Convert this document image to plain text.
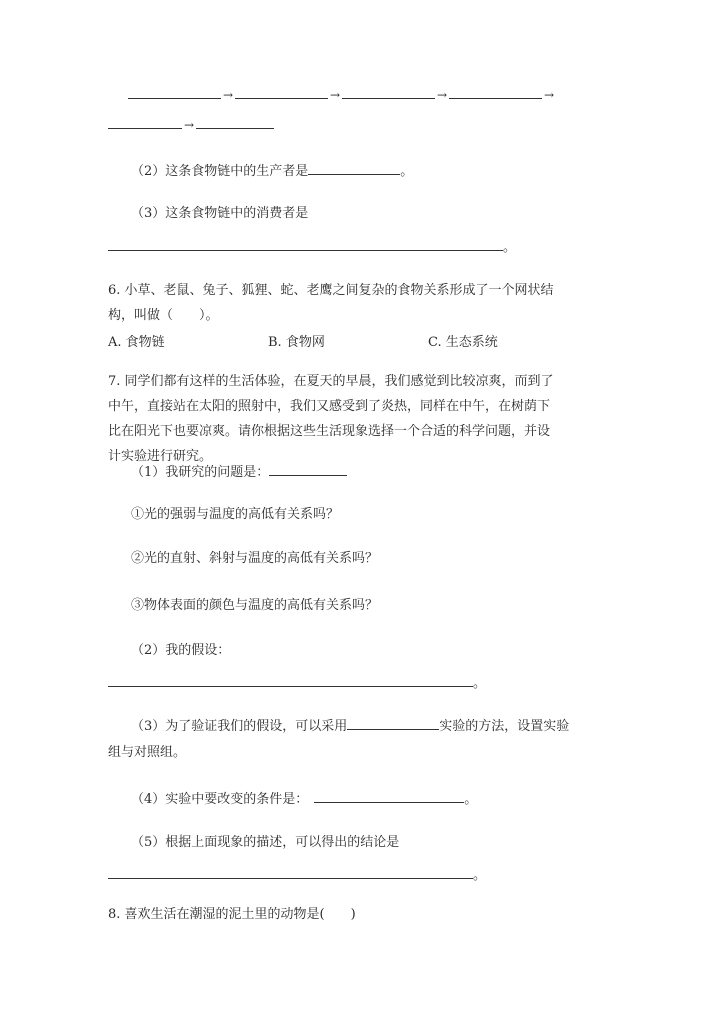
→	→	→	→
→
（2）这条食物链中的生产者是	。
（3）这条食物链中的消费者是
。

6. 小草、老鼠、兔子、狐狸、蛇、老鹰之间复杂的食物关系形成了一个网状结

构，叫做（　　）。

A. 食物链	B. 食物网	C. 生态系统

7. 同学们都有这样的生活体验，在夏天的早晨，我们感觉到比较凉爽，而到了

中午，直接站在太阳的照射中，我们又感受到了炎热，同样在中午，在树荫下

比在阳光下也要凉爽。请你根据这些生活现象选择一个合适的科学问题，并设

计实验进行研究。

（1）我研究的问题是：
①光的强弱与温度的高低有关系吗？
②光的直射、斜射与温度的高低有关系吗？
③物体表面的颜色与温度的高低有关系吗？
（2）我的假设：
。
（3）为了验证我们的假设，可以采用	实验的方法，设置实验
组与对照组。
（4）实验中要改变的条件是：	。
（5）根据上面现象的描述，可以得出的结论是
。
8. 喜欢生活在潮湿的泥土里的动物是(　　)
